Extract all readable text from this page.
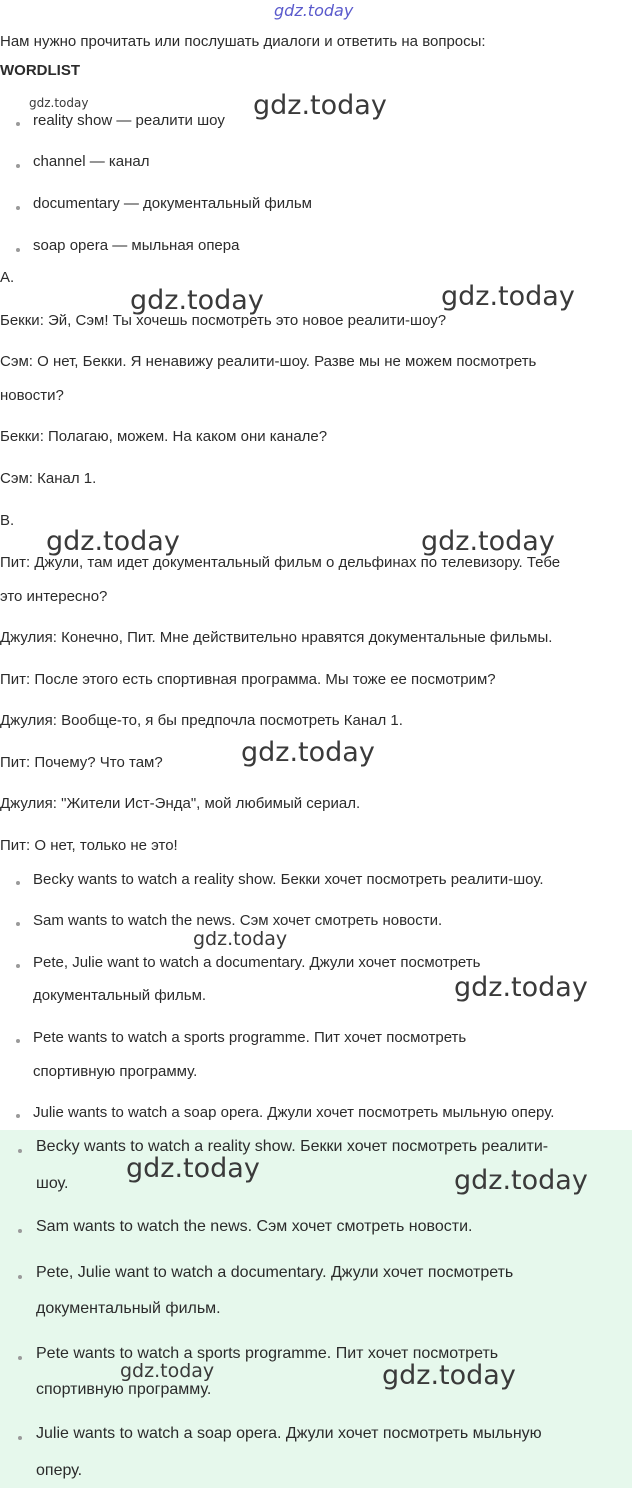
gdz.today
Нам нужно прочитать или послушать диалоги и ответить на вопросы:
WORDLIST
gdz.today	gdz.today
reality show — реалити шоу
channel — канал
documentary — документальный фильм
soap opera — мыльная опера
A.
gdz.today	gdz.today
Бекки: Эй, Сэм! Ты хочешь посмотреть это новое реалити-шоу?
Сэм: О нет, Бекки. Я ненавижу реалити-шоу. Разве мы не можем посмотреть
новости?
Бекки: Полагаю, можем. На каком они канале?
Сэм: Канал 1.
B.
gdz.today	gdz.today
Пит: Джули, там идет документальный фильм о дельфинах по телевизору. Тебе
это интересно?
Джулия: Конечно, Пит. Мне действительно нравятся документальные фильмы.
Пит: После этого есть спортивная программа. Мы тоже ее посмотрим?
Джулия: Вообще-то, я бы предпочла посмотреть Канал 1.
gdz.today
Пит: Почему? Что там?
Джулия: "Жители Ист-Энда", мой любимый сериал.
Пит: О нет, только не это!
Becky wants to watch a reality show. Бекки хочет посмотреть реалити-шоу.
Sam wants to watch the news. Сэм хочет смотреть новости.
gdz.today
Pete, Julie want to watch a documentary. Джули хочет посмотреть
gdz.today
документальный фильм.
Pete wants to watch a sports programme. Пит хочет посмотреть
спортивную программу.
Julie wants to watch a soap opera. Джули хочет посмотреть мыльную оперу.
Becky wants to watch a reality show. Бекки хочет посмотреть реалити-
gdz.today	gdz.today
шоу.
Sam wants to watch the news. Сэм хочет смотреть новости.
Pete, Julie want to watch a documentary. Джули хочет посмотреть
документальный фильм.
Pete wants to watch a sports programme. Пит хочет посмотреть
gdz.today	gdz.today
спортивную программу.
Julie wants to watch a soap opera. Джули хочет посмотреть мыльную
оперу.
